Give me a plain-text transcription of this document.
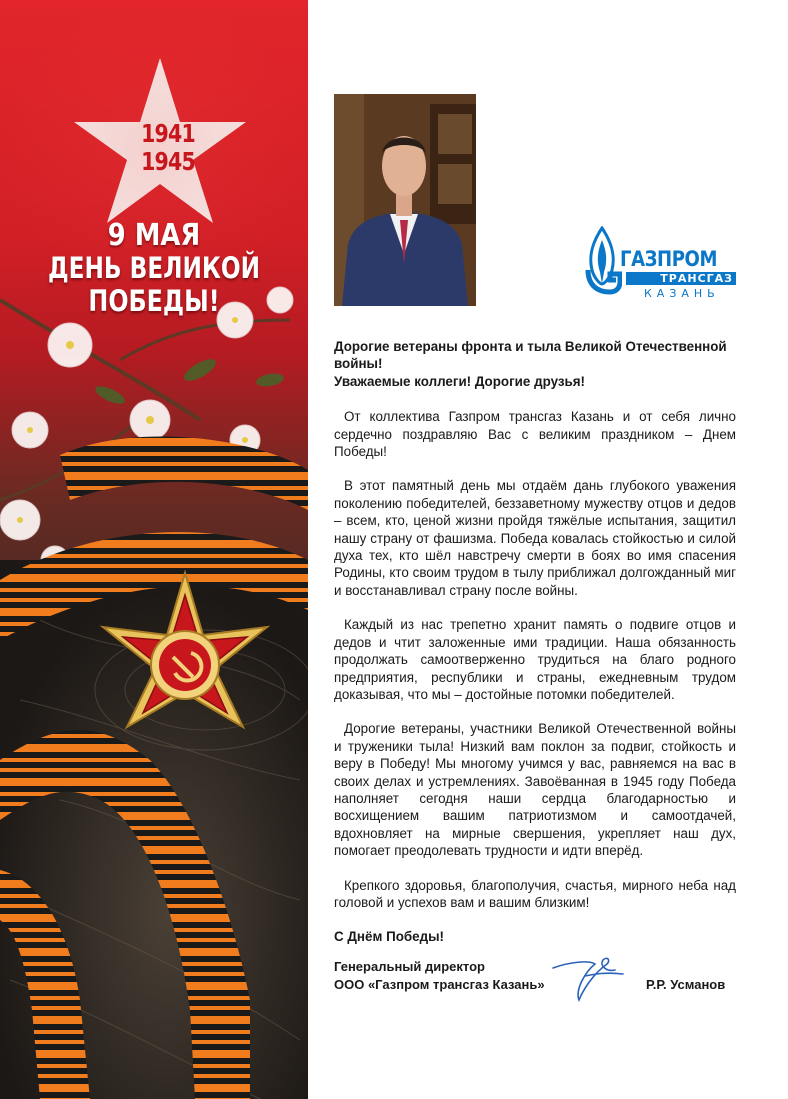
1941
1945
9 МАЯ
ДЕНЬ ВЕЛИКОЙ
ПОБЕДЫ!
ГАЗПРОМ
ТРАНСГАЗ
КАЗАНЬ
Дорогие ветераны фронта и тыла Великой Отечественной войны!
Уважаемые коллеги! Дорогие друзья!

От коллектива Газпром трансгаз Казань и от себя лично сердечно поздравляю Вас с великим праздником – Днем Победы!

В этот памятный день мы отдаём дань глубокого уважения поколению победителей, беззаветному мужеству отцов и дедов – всем, кто, ценой жизни пройдя тяжёлые испытания, защитил нашу страну от фашизма. Победа ковалась стойкостью и силой духа тех, кто шёл навстречу смерти в боях во имя спасения Родины, кто своим трудом в тылу приближал долгожданный миг и восстанавливал страну после войны.

Каждый из нас трепетно хранит память о подвиге отцов и дедов и чтит заложенные ими традиции. Наша обязанность продолжать самоотверженно трудиться на благо родного предприятия, республики и страны, ежедневным трудом доказывая, что мы – достойные потомки победителей.

Дорогие ветераны, участники Великой Отечественной войны и труженики тыла! Низкий вам поклон за подвиг, стойкость и веру в Победу! Мы многому учимся у вас, равняемся на вас в своих делах и устремлениях. Завоёванная в 1945 году Победа наполняет сегодня наши сердца благодарностью и восхищением вашим патриотизмом и самоотдачей, вдохновляет на мирные свершения, укрепляет наш дух, помогает преодолевать трудности и идти вперёд.

Крепкого здоровья, благополучия, счастья, мирного неба над головой и успехов вам и вашим близким!

С Днём Победы!
Генеральный директор
ООО «Газпром трансгаз Казань»	Р.Р. Усманов
